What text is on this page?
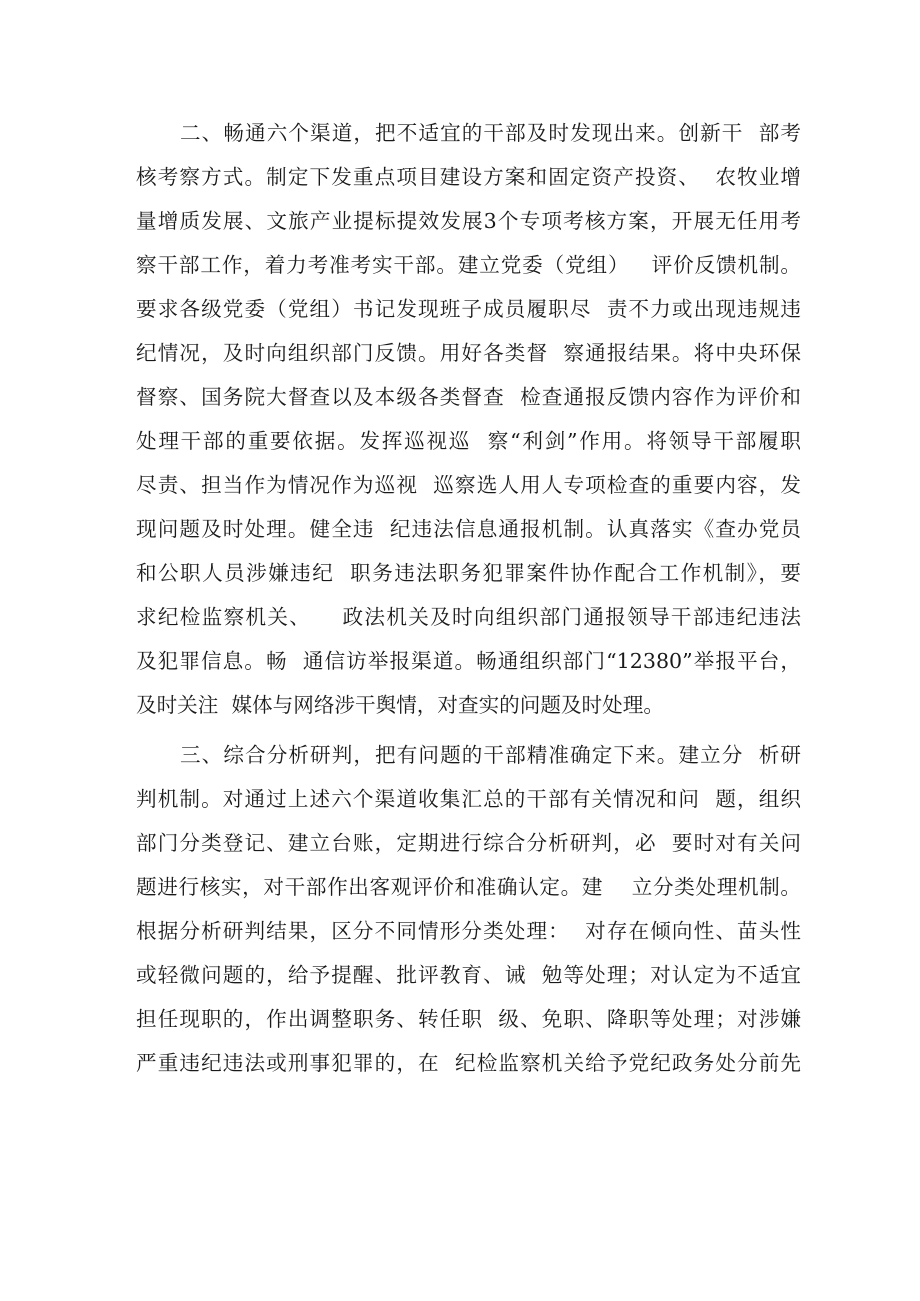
二、畅通六个渠道，把不适宜的干部及时发现出来。创新干  部考
核考察方式。制定下发重点项目建设方案和固定资产投资、  农牧业增
量增质发展、文旅产业提标提效发展3个专项考核方案，开展无任用考
察干部工作，着力考准考实干部。建立党委（党组）   评价反馈机制。
要求各级党委（党组）书记发现班子成员履职尽  责不力或出现违规违
纪情况，及时向组织部门反馈。用好各类督  察通报结果。将中央环保
督察、国务院大督查以及本级各类督查  检查通报反馈内容作为评价和
处理干部的重要依据。发挥巡视巡  察“利剑”作用。将领导干部履职
尽责、担当作为情况作为巡视  巡察选人用人专项检查的重要内容，发
现问题及时处理。健全违  纪违法信息通报机制。认真落实《查办党员
和公职人员涉嫌违纪  职务违法职务犯罪案件协作配合工作机制》，要
求纪检监察机关、    政法机关及时向组织部门通报领导干部违纪违法
及犯罪信息。畅  通信访举报渠道。畅通组织部门“12380”举报平台，
及时关注  媒体与网络涉干舆情，对查实的问题及时处理。
三、综合分析研判，把有问题的干部精准确定下来。建立分  析研
判机制。对通过上述六个渠道收集汇总的干部有关情况和问  题，组织
部门分类登记、建立台账，定期进行综合分析研判，必  要时对有关问
题进行核实，对干部作出客观评价和准确认定。建    立分类处理机制。
根据分析研判结果，区分不同情形分类处理：  对存在倾向性、苗头性
或轻微问题的，给予提醒、批评教育、诫  勉等处理；对认定为不适宜
担任现职的，作出调整职务、转任职  级、免职、降职等处理；对涉嫌
严重违纪违法或刑事犯罪的，在  纪检监察机关给予党纪政务处分前先
